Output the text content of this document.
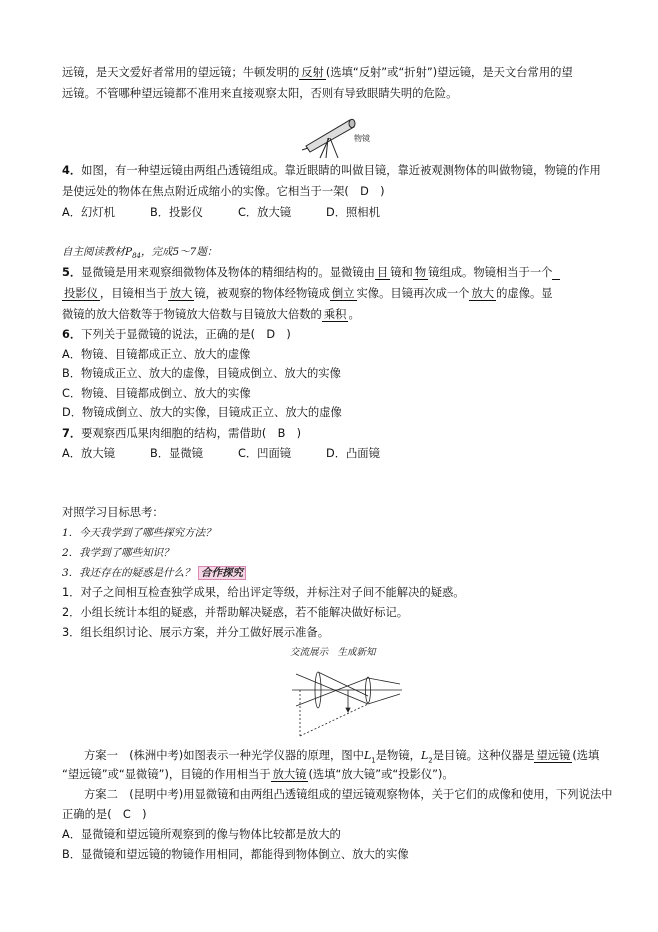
远镜，是天文爱好者常用的望远镜；牛顿发明的 反射 (选填“反射”或“折射”)望远镜，是天文台常用的望
远镜。不管哪种望远镜都不准用来直接观察太阳，否则有导致眼睛失明的危险。
物镜
4．如图，有一种望远镜由两组凸透镜组成。靠近眼睛的叫做目镜，靠近被观测物体的叫做物镜，物镜的作用
是使远处的物体在焦点附近成缩小的实像。它相当于一架(　D　)
A．幻灯机	B．投影仪	C．放大镜	D．照相机
自主阅读教材$P_{84}$，完成5～7题：
5．显微镜是用来观察细微物体及物体的精细结构的。显微镜由 目 镜和 物 镜组成。物镜相当于一个
投影仪 ，目镜相当于 放大 镜，被观察的物体经物镜成 倒立 实像。目镜再次成一个 放大 的虚像。显
微镜的放大倍数等于物镜放大倍数与目镜放大倍数的 乘积 。
6．下列关于显微镜的说法，正确的是(　D　)
A．物镜、目镜都成正立、放大的虚像
B．物镜成正立、放大的虚像，目镜成倒立、放大的实像
C．物镜、目镜都成倒立、放大的实像
D．物镜成倒立、放大的实像，目镜成正立、放大的虚像
7．要观察西瓜果肉细胞的结构，需借助(　B　)
A．放大镜	B．显微镜	C．凹面镜	D．凸面镜
对照学习目标思考：
1．今天我学到了哪些探究方法？
2．我学到了哪些知识？
3．我还存在的疑惑是什么？ 合作探究
1．对子之间相互检查独学成果，给出评定等级，并标注对子间不能解决的疑惑。
2．小组长统计本组的疑惑，并帮助解决疑惑，若不能解决做好标记。
3．组长组织讨论、展示方案，并分工做好展示准备。
交流展示　生成新知
方案一　(株洲中考)如图表示一种光学仪器的原理，图中$L_1$是物镜，$L_2$是目镜。这种仪器是 望远镜 (选填
“望远镜”或“显微镜”)，目镜的作用相当于 放大镜 (选填“放大镜”或“投影仪”)。
方案二　(昆明中考)用显微镜和由两组凸透镜组成的望远镜观察物体，关于它们的成像和使用，下列说法中
正确的是(　C　)
A．显微镜和望远镜所观察到的像与物体比较都是放大的
B．显微镜和望远镜的物镜作用相同，都能得到物体倒立、放大的实像
